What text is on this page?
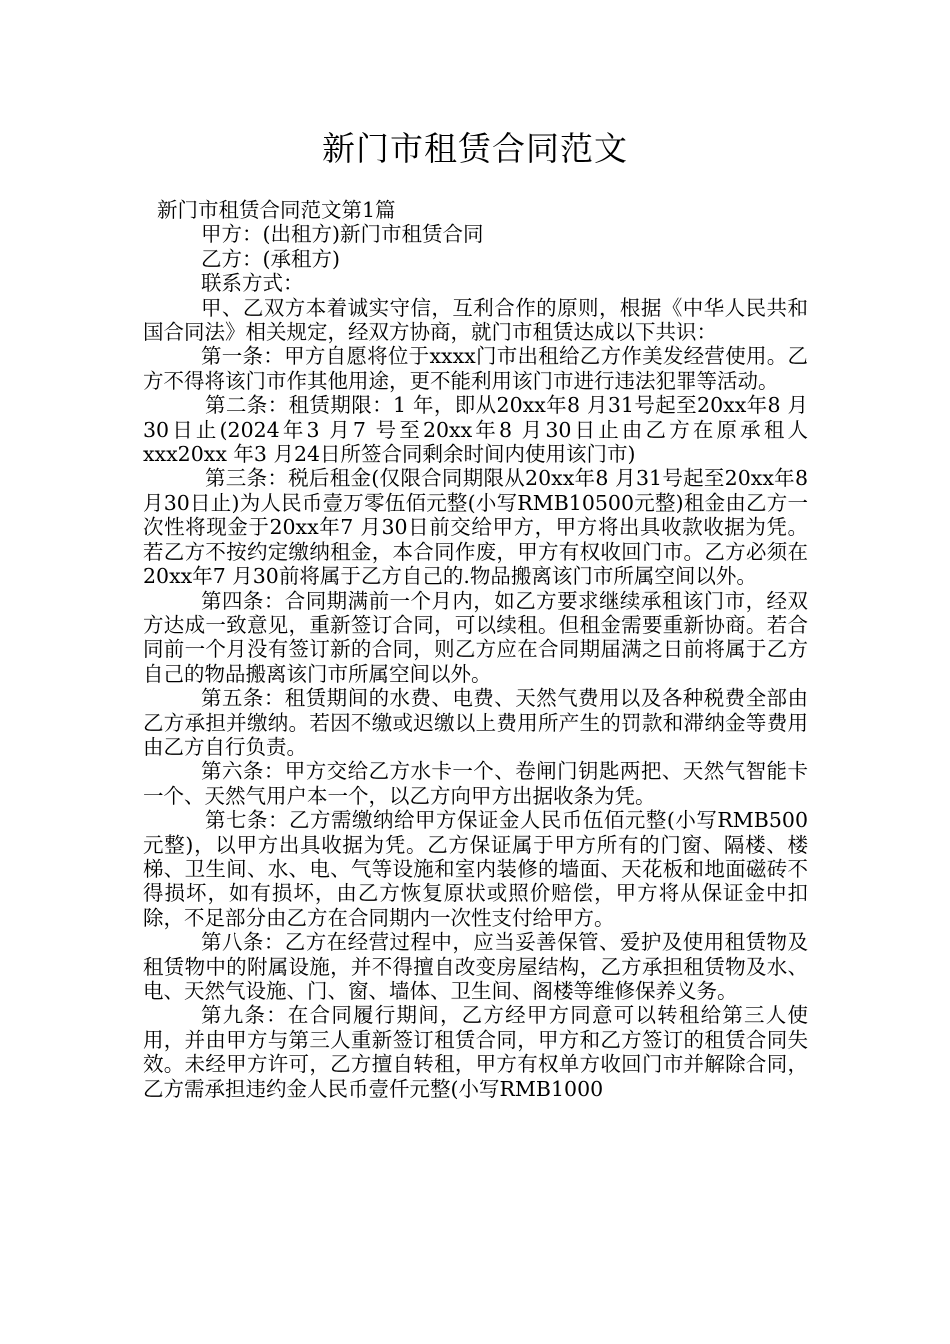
新门市租赁合同范文

新门市租赁合同范文第1篇

甲方：(出租方)新门市租赁合同

乙方：(承租方)

联系方式：

甲、乙双方本着诚实守信，互利合作的原则，根据《中华人民共和国合同法》相关规定，经双方协商，就门市租赁达成以下共识：

第一条：甲方自愿将位于xxxx门市出租给乙方作美发经营使用。乙方不得将该门市作其他用途，更不能利用该门市进行违法犯罪等活动。

第二条：租赁期限：1 年，即从20xx年8 月31号起至20xx年8 月30日止(2024年3 月7 号至20xx年8 月30日止由乙方在原承租人xxx20xx 年3 月24日所签合同剩余时间内使用该门市)

第三条：税后租金(仅限合同期限从20xx年8 月31号起至20xx年8 月30日止)为人民币壹万零伍佰元整(小写RMB10500元整)租金由乙方一次性将现金于20xx年7 月30日前交给甲方，甲方将出具收款收据为凭。若乙方不按约定缴纳租金，本合同作废，甲方有权收回门市。乙方必须在20xx年7 月30前将属于乙方自己的.物品搬离该门市所属空间以外。

第四条：合同期满前一个月内，如乙方要求继续承租该门市，经双方达成一致意见，重新签订合同，可以续租。但租金需要重新协商。若合同前一个月没有签订新的合同，则乙方应在合同期届满之日前将属于乙方自己的物品搬离该门市所属空间以外。

第五条：租赁期间的水费、电费、天然气费用以及各种税费全部由乙方承担并缴纳。若因不缴或迟缴以上费用所产生的罚款和滞纳金等费用由乙方自行负责。

第六条：甲方交给乙方水卡一个、卷闸门钥匙两把、天然气智能卡一个、天然气用户本一个，以乙方向甲方出据收条为凭。

第七条：乙方需缴纳给甲方保证金人民币伍佰元整(小写RMB500元整)，以甲方出具收据为凭。乙方保证属于甲方所有的门窗、隔楼、楼梯、卫生间、水、电、气等设施和室内装修的墙面、天花板和地面磁砖不得损坏，如有损坏，由乙方恢复原状或照价赔偿，甲方将从保证金中扣除，不足部分由乙方在合同期内一次性支付给甲方。

第八条：乙方在经营过程中，应当妥善保管、爱护及使用租赁物及租赁物中的附属设施，并不得擅自改变房屋结构，乙方承担租赁物及水、电、天然气设施、门、窗、墙体、卫生间、阁楼等维修保养义务。

第九条：在合同履行期间，乙方经甲方同意可以转租给第三人使用，并由甲方与第三人重新签订租赁合同，甲方和乙方签订的租赁合同失效。未经甲方许可，乙方擅自转租，甲方有权单方收回门市并解除合同，乙方需承担违约金人民币壹仟元整(小写RMB1000
